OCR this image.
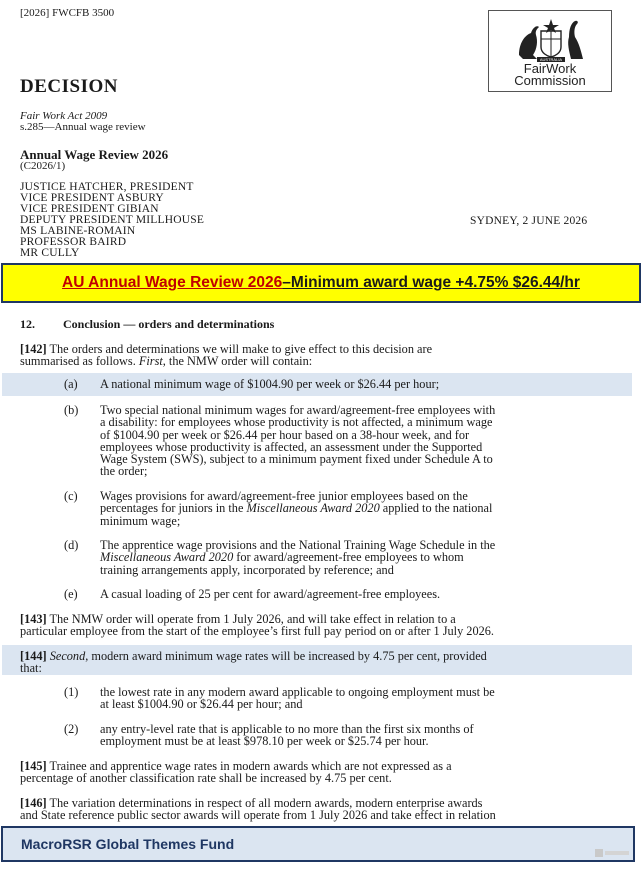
[2026] FWCFB 3500
AUSTRALIA
FairWork
Commission
DECISION
Fair Work Act 2009
s.285—Annual wage review
Annual Wage Review 2026
(C2026/1)
JUSTICE HATCHER, PRESIDENT
VICE PRESIDENT ASBURY
VICE PRESIDENT GIBIAN
DEPUTY PRESIDENT MILLHOUSE
MS LABINE-ROMAIN
PROFESSOR BAIRD
MR CULLY
SYDNEY, 2 JUNE 2026
AU Annual Wage Review 2026 –Minimum award wage +4.75% $26.44/hr
12. Conclusion — orders and determinations
[142] The orders and determinations we will make to give effect to this decision are
summarised as follows. First, the NMW order will contain:
(a) A national minimum wage of $1004.90 per week or $26.44 per hour;
(b) Two special national minimum wages for award/agreement-free employees with
a disability: for employees whose productivity is not affected, a minimum wage
of $1004.90 per week or $26.44 per hour based on a 38-hour week, and for
employees whose productivity is affected, an assessment under the Supported
Wage System (SWS), subject to a minimum payment fixed under Schedule A to
the order;
(c) Wages provisions for award/agreement-free junior employees based on the
percentages for juniors in the Miscellaneous Award 2020 applied to the national
minimum wage;
(d) The apprentice wage provisions and the National Training Wage Schedule in the
Miscellaneous Award 2020 for award/agreement-free employees to whom
training arrangements apply, incorporated by reference; and
(e) A casual loading of 25 per cent for award/agreement-free employees.
[143] The NMW order will operate from 1 July 2026, and will take effect in relation to a
particular employee from the start of the employee’s first full pay period on or after 1 July 2026.
[144] Second, modern award minimum wage rates will be increased by 4.75 per cent, provided
that:
(1) the lowest rate in any modern award applicable to ongoing employment must be
at least $1004.90 or $26.44 per hour; and
(2) any entry-level rate that is applicable to no more than the first six months of
employment must be at least $978.10 per week or $25.74 per hour.
[145] Trainee and apprentice wage rates in modern awards which are not expressed as a
percentage of another classification rate shall be increased by 4.75 per cent.
[146] The variation determinations in respect of all modern awards, modern enterprise awards
and State reference public sector awards will operate from 1 July 2026 and take effect in relation
MacroRSR Global Themes Fund
